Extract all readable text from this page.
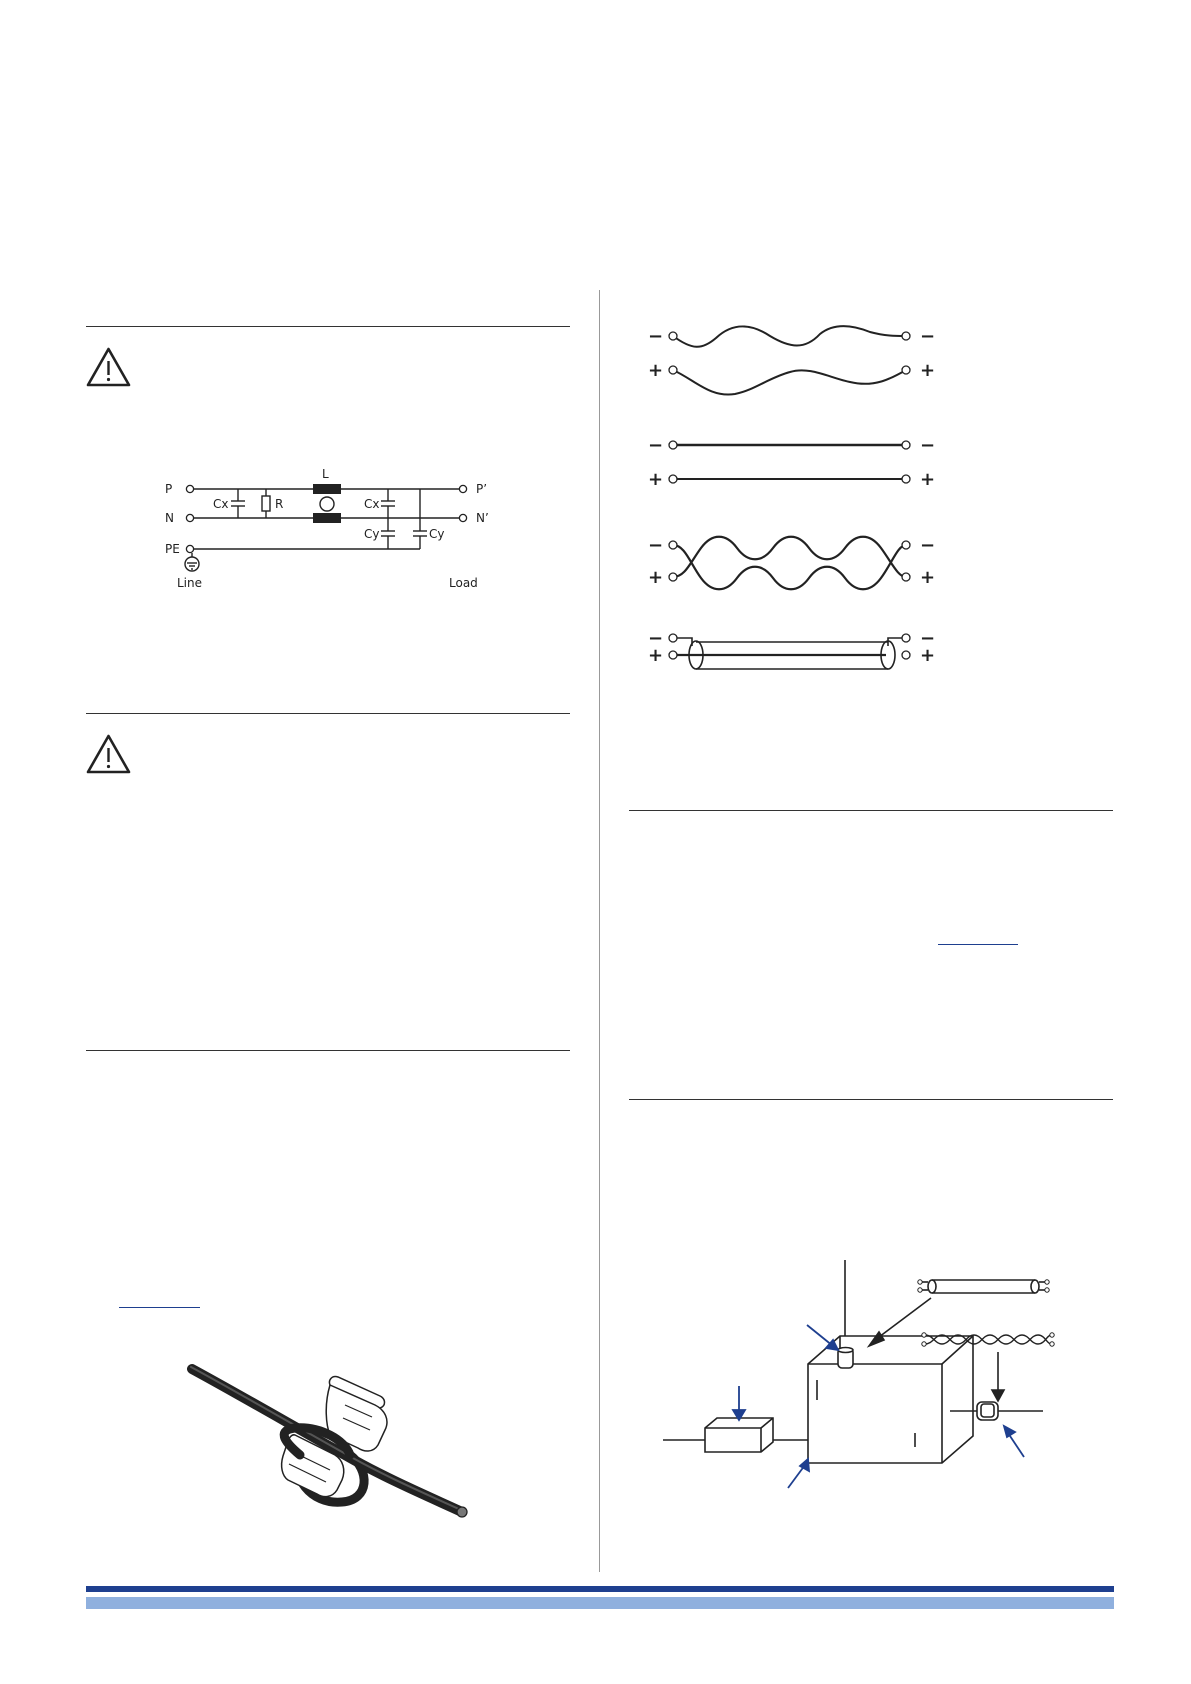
P
N
PE
P’
N’
L
R
Cx	Cx
Cy	Cy
Line	Load
−	−
+	+
−	−
+	+
−	−
+	+
−	−
+	+
